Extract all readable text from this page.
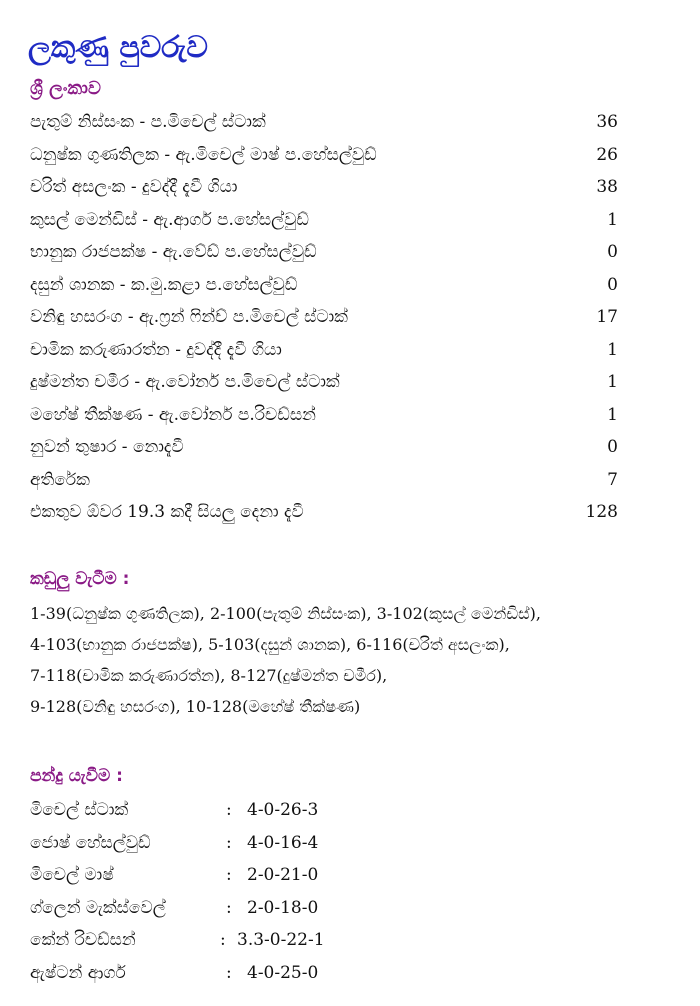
ලකුණු පුවරුව
ශ්‍රී ලංකාව
පැතුම් නිස්සංක - ප.මිචෙල් ස්ටාක්	36
ධනුෂ්ක ගුණතිලක - ඇ.මිචෙල් මාෂ් ප.හේසල්වුඩ්	26
චරිත් අසලංක - දුවද්දී දැවී ගියා	38
කුසල් මෙන්ඩිස් - ඇ.ආගර් ප.හේසල්වුඩ්	1
භානුක රාජපක්ෂ - ඇ.වේඩ් ප.හේසල්වුඩ්	0
දසුන් ශානක - ක.මු.කළා ප.හේසල්වුඩ්	0
වනිඳු හසරංග - ඇ.ෆ්‍රන් ෆින්ච් ප.මිචෙල් ස්ටාක්	17
චාමික කරුණාරත්න - දුවද්දී දැවී ගියා	1
දුෂ්මන්ත චමීර - ඇ.වෝනර් ප.මිචෙල් ස්ටාක්	1
මහේෂ් තීක්ෂණ - ඇ.වෝනර් ප.රිචඩ්සන්	1
නුවන් තුෂාර - නොදැවී	0
අතිරේක	7
එකතුව ඕවර 19.3 කදී සියලු දෙනා දැවී	128
කඩුලු වැටීම :
1-39(ධනුෂ්ක ගුණතිලක), 2-100(පැතුම් නිස්සංක), 3-102(කුසල් මෙන්ඩිස්),
4-103(භානුක රාජපක්ෂ), 5-103(දසුන් ශානක), 6-116(චරිත් අසලංක),
7-118(චාමික කරුණාරත්න), 8-127(දුෂ්මන්ත චමීර),
9-128(වනිඳු හසරංග), 10-128(මහේෂ් තීක්ෂණ)
පන්දු යැවීම :
මිචෙල් ස්ටාක්	: 4-0-26-3
ජොෂ් හේසල්වුඩ්	: 4-0-16-4
මිචෙල් මාෂ්	: 2-0-21-0
ග්ලෙන් මැක්ස්වෙල්	: 2-0-18-0
කේන් රිචඩ්සන්	: 3.3-0-22-1
ඇෂ්ටන් ආගර්	: 4-0-25-0
